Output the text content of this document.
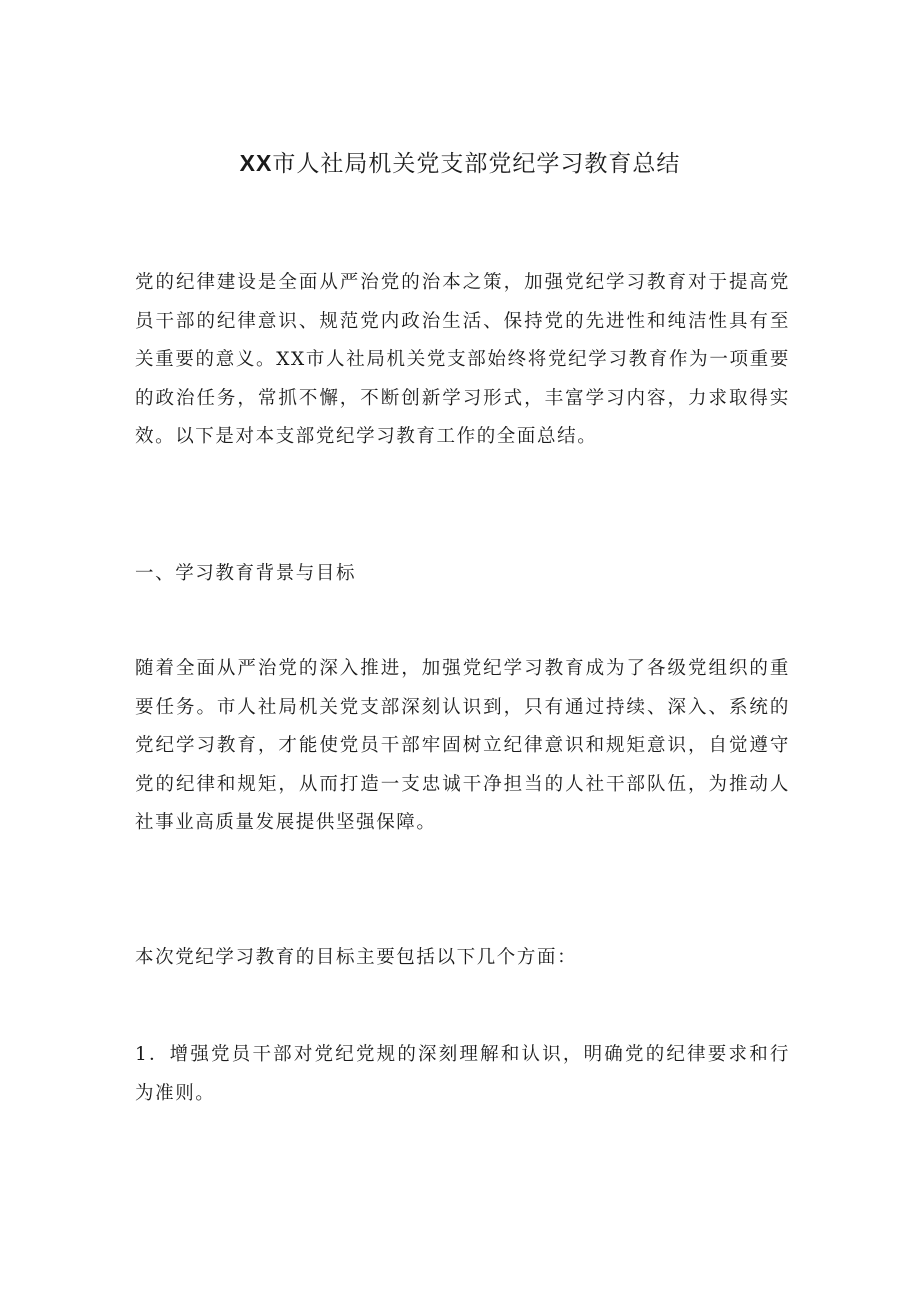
XX市人社局机关党支部党纪学习教育总结

党的纪律建设是全面从严治党的治本之策，加强党纪学习教育对于提高党员干部的纪律意识、规范党内政治生活、保持党的先进性和纯洁性具有至关重要的意义。XX市人社局机关党支部始终将党纪学习教育作为一项重要的政治任务，常抓不懈，不断创新学习形式，丰富学习内容，力求取得实效。以下是对本支部党纪学习教育工作的全面总结。

一、学习教育背景与目标

随着全面从严治党的深入推进，加强党纪学习教育成为了各级党组织的重要任务。市人社局机关党支部深刻认识到，只有通过持续、深入、系统的党纪学习教育，才能使党员干部牢固树立纪律意识和规矩意识，自觉遵守党的纪律和规矩，从而打造一支忠诚干净担当的人社干部队伍，为推动人社事业高质量发展提供坚强保障。

本次党纪学习教育的目标主要包括以下几个方面：

1．增强党员干部对党纪党规的深刻理解和认识，明确党的纪律要求和行为准则。
